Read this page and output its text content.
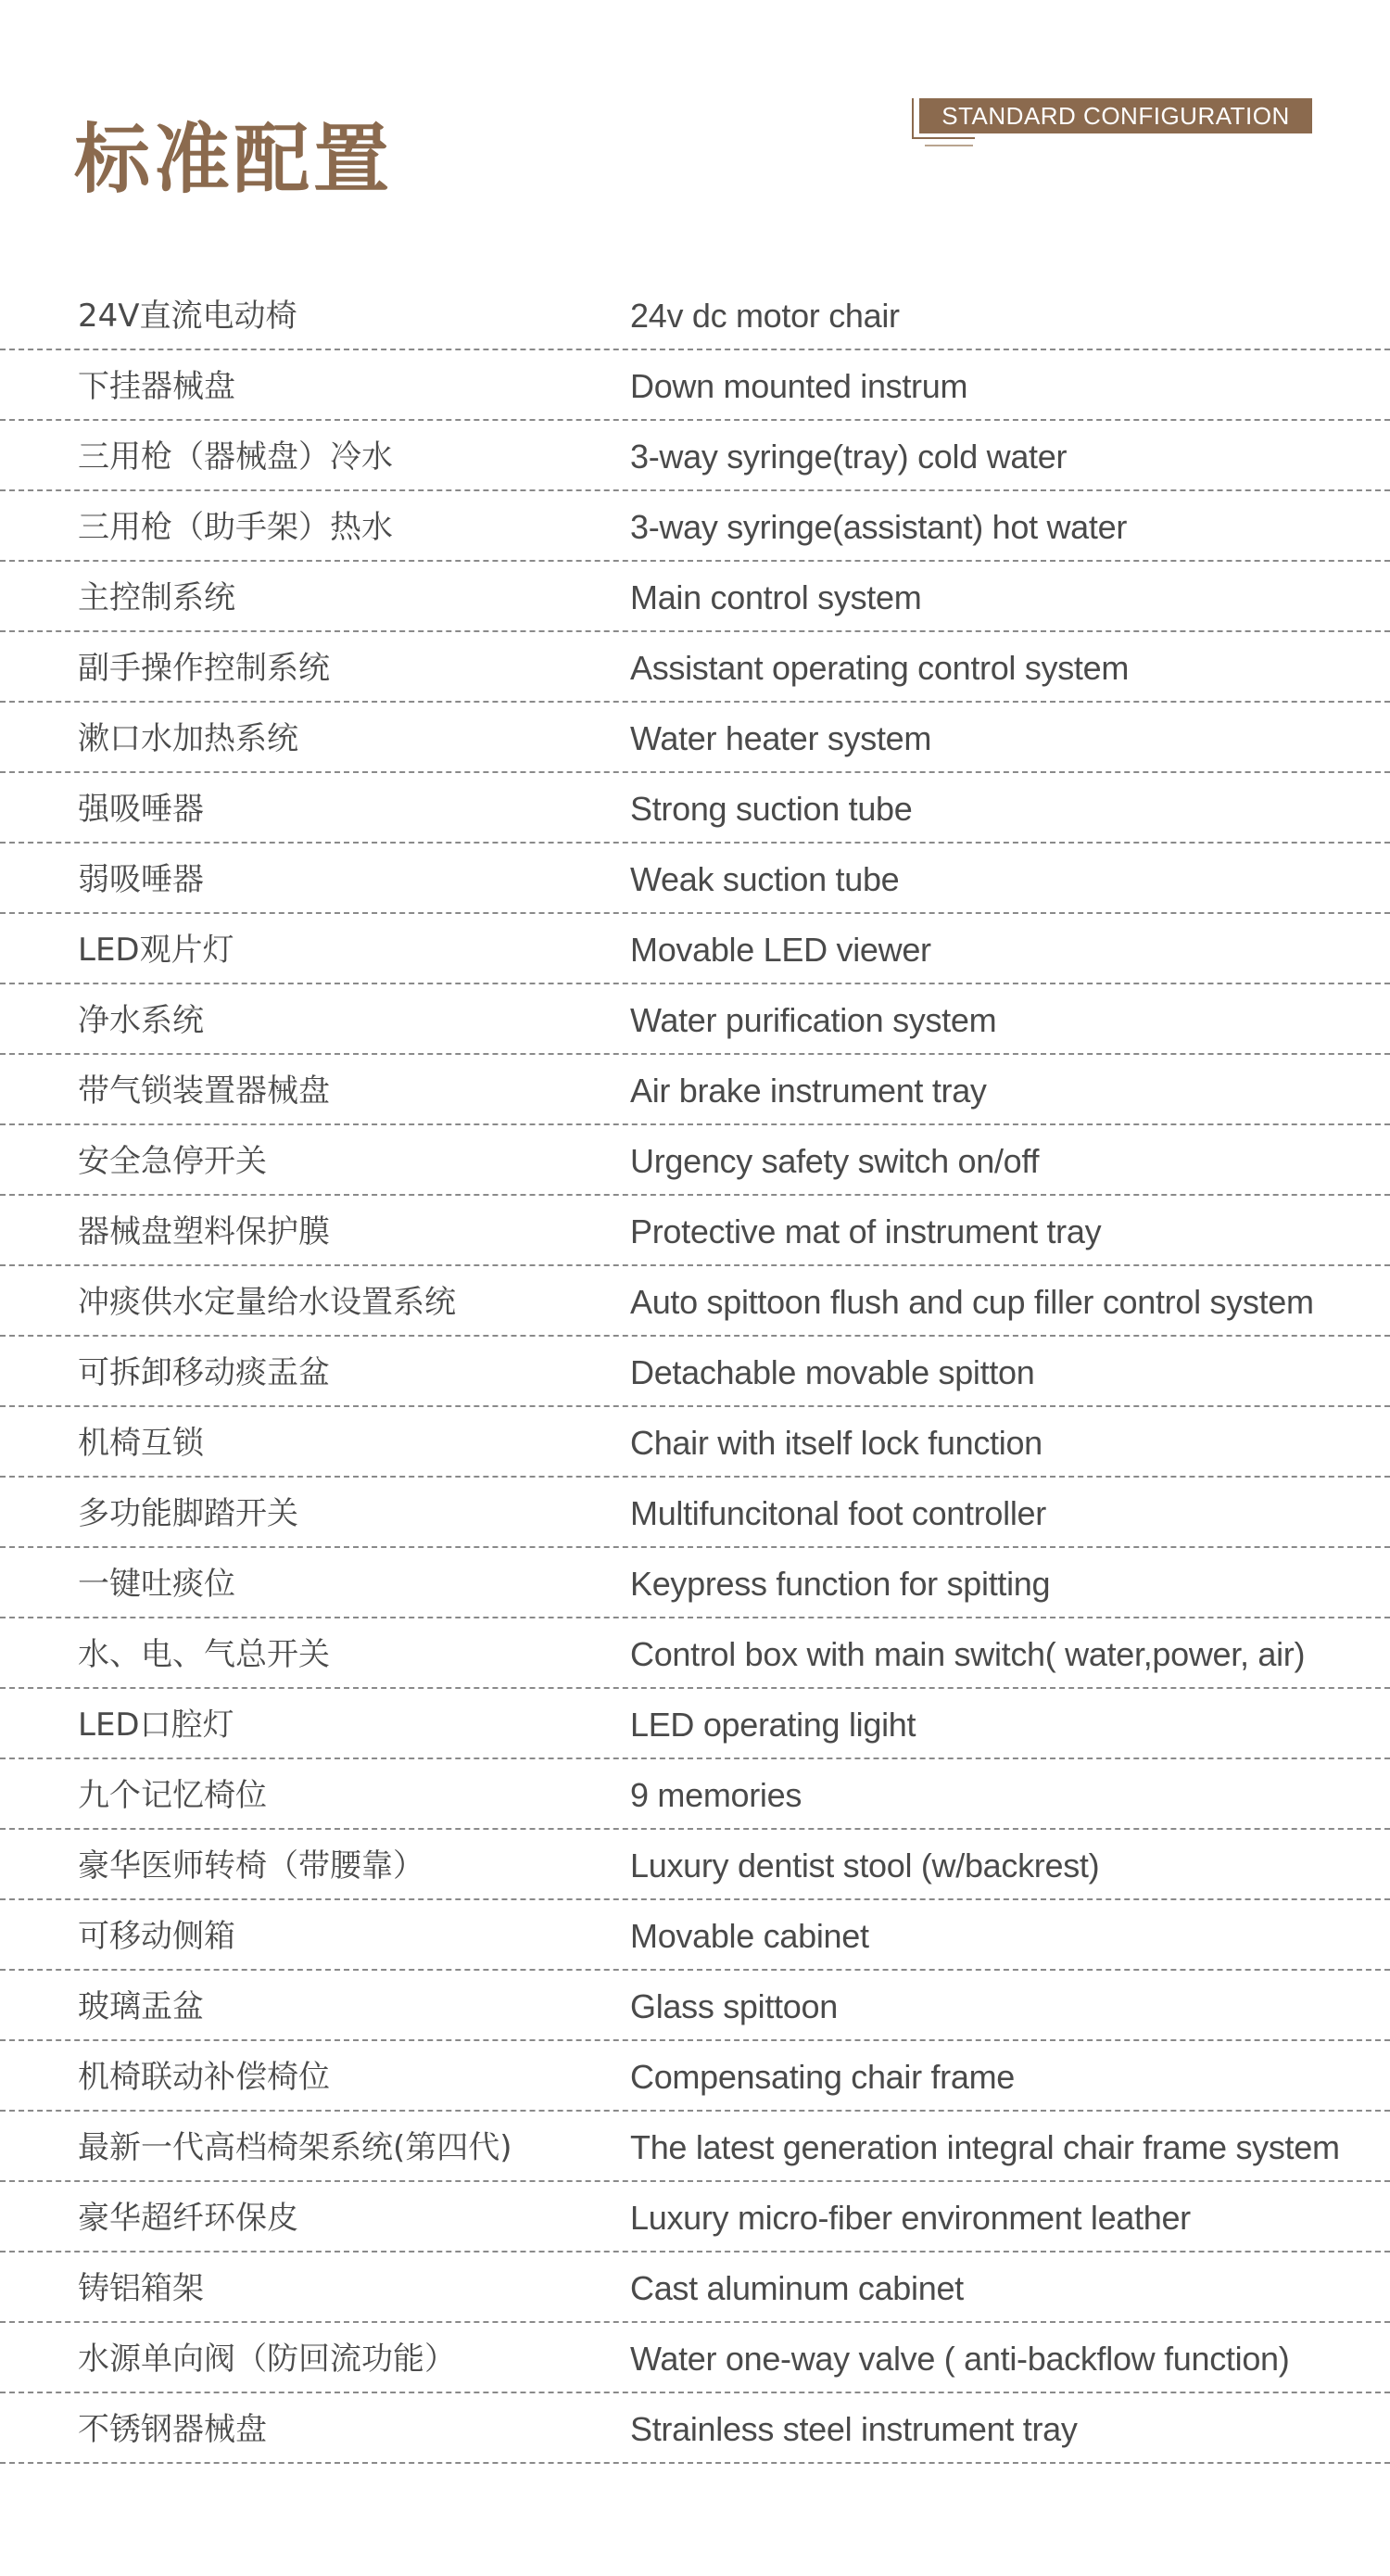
标准配置	STANDARD CONFIGURATION
24V直流电动椅	24v dc motor chair
下挂器械盘	Down mounted instrum
三用枪（器械盘）冷水	3-way syringe(tray) cold water
三用枪（助手架）热水	3-way syringe(assistant) hot water
主控制系统	Main control system
副手操作控制系统	Assistant operating control system
漱口水加热系统	Water heater system
强吸唾器	Strong suction tube
弱吸唾器	Weak suction tube
LED观片灯	Movable LED viewer
净水系统	Water purification system
带气锁装置器械盘	Air brake instrument tray
安全急停开关	Urgency safety switch on/off
器械盘塑料保护膜	Protective mat of instrument tray
冲痰供水定量给水设置系统	Auto spittoon flush and cup filler control system
可拆卸移动痰盂盆	Detachable movable spitton
机椅互锁	Chair with itself lock function
多功能脚踏开关	Multifuncitonal foot controller
一键吐痰位	Keypress function for spitting
水、电、气总开关	Control box with main switch( water,power, air)
LED口腔灯	LED operating ligiht
九个记忆椅位	9 memories
豪华医师转椅（带腰靠）	Luxury dentist stool (w/backrest)
可移动侧箱	Movable cabinet
玻璃盂盆	Glass spittoon
机椅联动补偿椅位	Compensating chair frame
最新一代高档椅架系统(第四代)	The latest generation integral chair frame system
豪华超纤环保皮	Luxury micro-fiber environment leather
铸铝箱架	Cast aluminum cabinet
水源单向阀（防回流功能）	Water one-way valve ( anti-backflow function)
不锈钢器械盘	Strainless steel instrument tray
